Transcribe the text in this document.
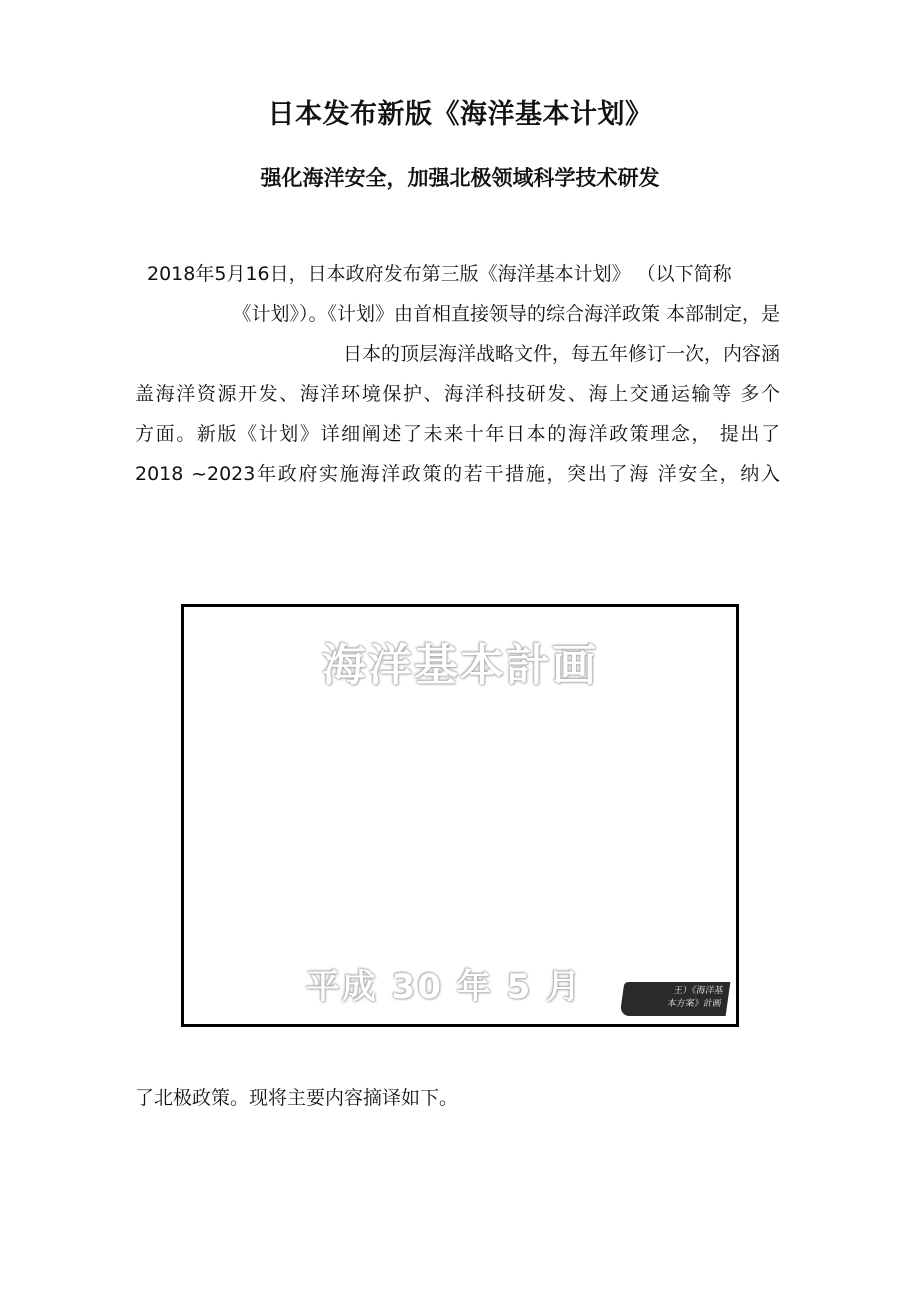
日本发布新版《海洋基本计划》
强化海洋安全，加强北极领域科学技术研发
2018年5月16日，日本政府发布第三版《海洋基本计划》 （以下简称
《计划》）。《计划》由首相直接领导的综合海洋政策 本部制定，是
日本的顶层海洋战略文件，每五年修订一次，内容涵
盖海洋资源开发、海洋环境保护、海洋科技研发、海上交通运输等 多个
方面。新版《计划》详细阐述了未来十年日本的海洋政策理念， 提出了
2018 ~2023年政府实施海洋政策的若干措施，突出了海 洋安全，纳入
海洋基本計画
平成 30 年 5 月	王）《海洋基
本方案》計画
了北极政策。现将主要内容摘译如下。
